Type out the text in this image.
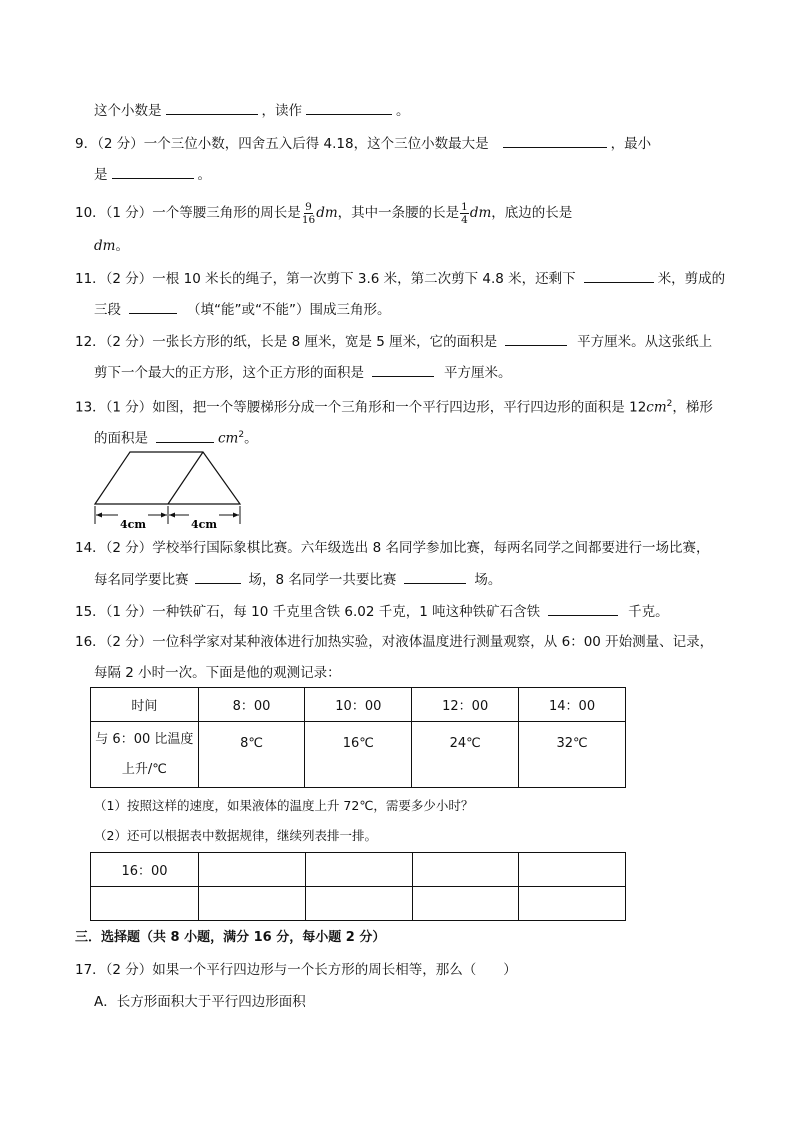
这个小数是	，读作	。
9．（2 分）一个三位小数，四舍五入后得 4.18，这个三位小数最大是	，最小
是	。
10．（1 分）一个等腰三角形的周长是 $\frac{9}{16}$ dm，其中一条腰的长是 $\frac{1}{4}$ dm，底边的长是
dm。
11．（2 分）一根 10 米长的绳子，第一次剪下 3.6 米，第二次剪下 4.8 米，还剩下	米，剪成的
三段	（填“能”或“不能”）围成三角形。
12．（2 分）一张长方形的纸，长是 8 厘米，宽是 5 厘米，它的面积是	平方厘米。从这张纸上
剪下一个最大的正方形，这个正方形的面积是	平方厘米。
13．（1 分）如图，把一个等腰梯形分成一个三角形和一个平行四边形，平行四边形的面积是 $12cm^2$，梯形
的面积是	$cm^2$。
4cm	4cm
14．（2 分）学校举行国际象棋比赛。六年级选出 8 名同学参加比赛，每两名同学之间都要进行一场比赛，
每名同学要比赛	场，8 名同学一共要比赛	场。
15．（1 分）一种铁矿石，每 10 千克里含铁 6.02 千克，1 吨这种铁矿石含铁	千克。
16．（2 分）一位科学家对某种液体进行加热实验，对液体温度进行测量观察，从 6：00 开始测量、记录，
每隔 2 小时一次。下面是他的观测记录：
时间	8：00	10：00	12：00	14：00

与 6：00 比温度
上升/℃	8℃	16℃	24℃	32℃
（1）按照这样的速度，如果液体的温度上升 72℃，需要多少小时？
（2）还可以根据表中数据规律，继续列表排一排。
16：00				

三．选择题（共 8 小题，满分 16 分，每小题 2 分）
17．（2 分）如果一个平行四边形与一个长方形的周长相等，那么（　　）
A．长方形面积大于平行四边形面积
